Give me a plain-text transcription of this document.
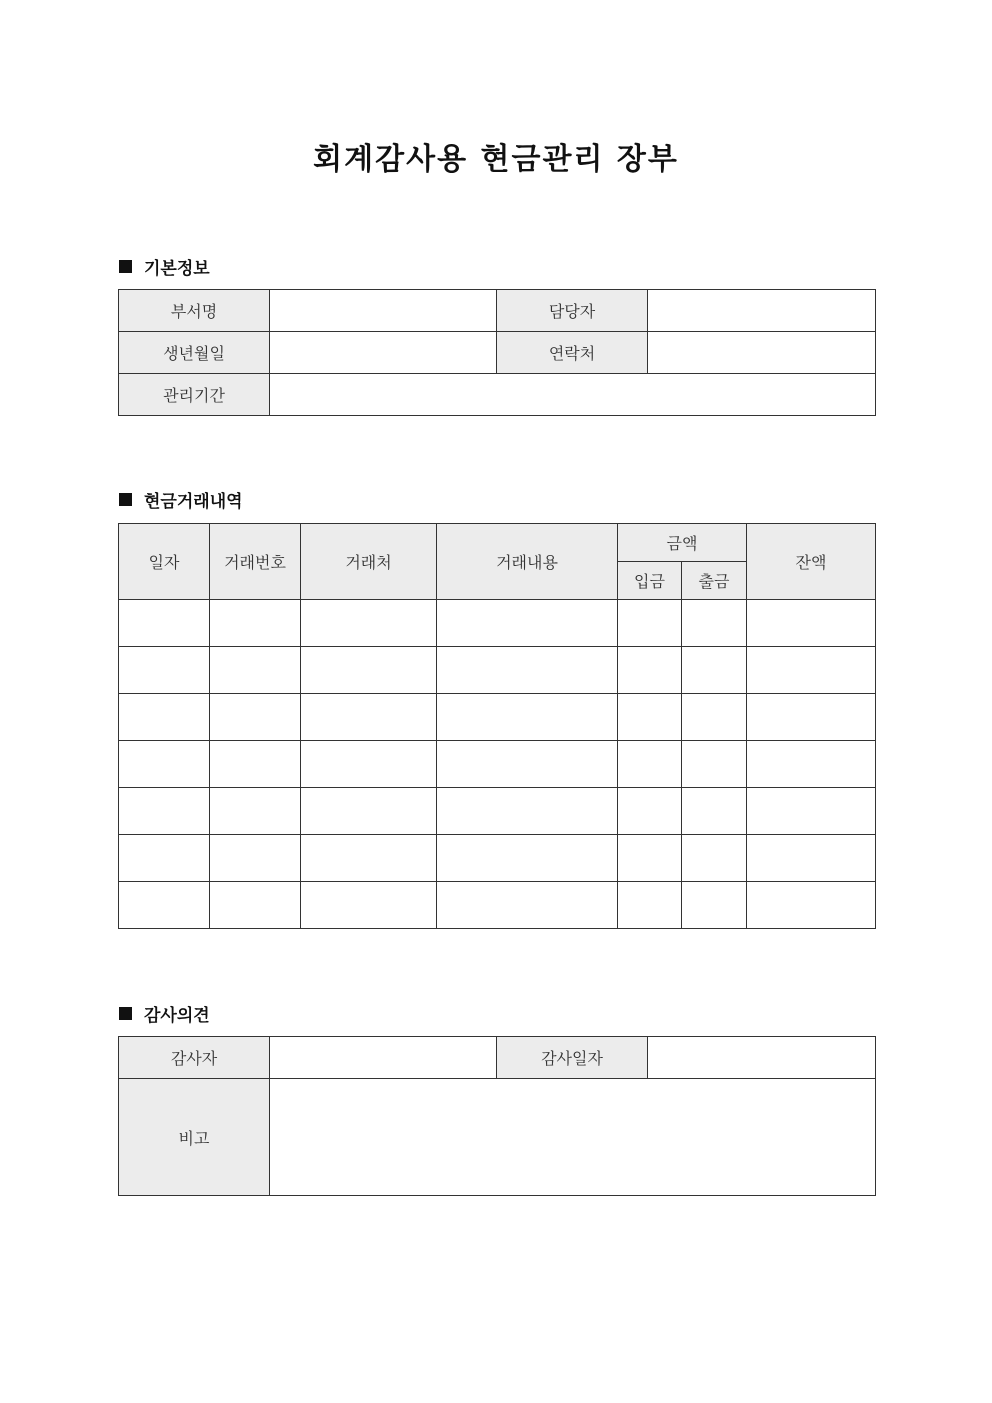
회계감사용 현금관리 장부
기본정보
부서명		담당자	
생년월일		연락처	
관리기간			
현금거래내역
일자	거래번호	거래처	거래내용	금액		잔액
				입금	출금	

감사의견
감사자		감사일자	
비고			
